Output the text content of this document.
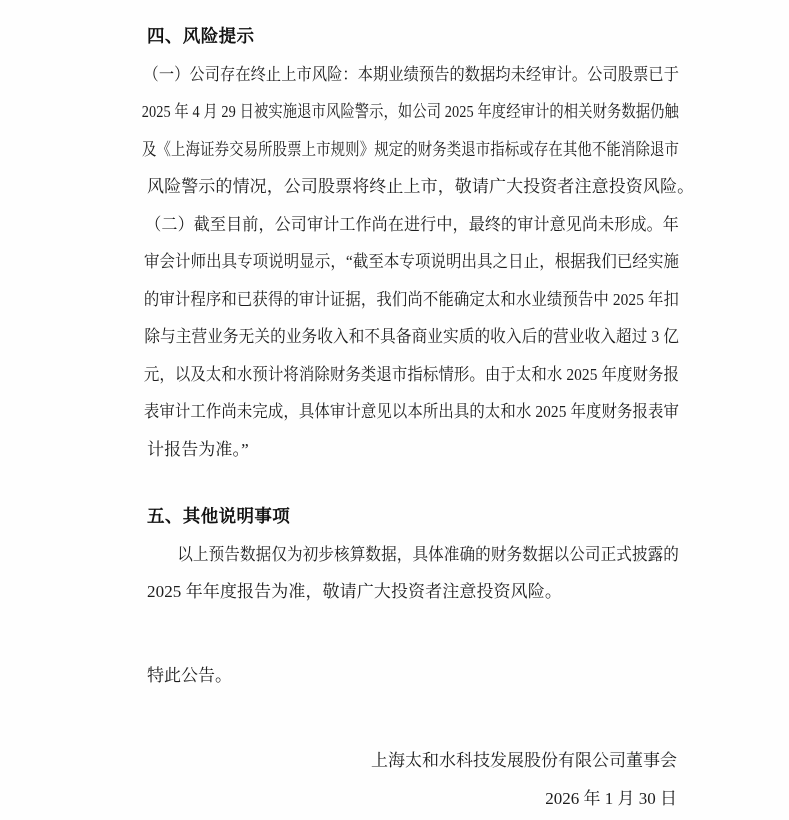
四、风险提示
（一）公司存在终止上市风险：本期业绩预告的数据均未经审计。公司股票已于
2025 年 4 月 29 日被实施退市风险警示，如公司 2025 年度经审计的相关财务数据仍触
及《上海证券交易所股票上市规则》规定的财务类退市指标或存在其他不能消除退市
风险警示的情况，公司股票将终止上市，敬请广大投资者注意投资风险。
（二）截至目前，公司审计工作尚在进行中，最终的审计意见尚未形成。年
审会计师出具专项说明显示，“截至本专项说明出具之日止，根据我们已经实施
的审计程序和已获得的审计证据，我们尚不能确定太和水业绩预告中 2025 年扣
除与主营业务无关的业务收入和不具备商业实质的收入后的营业收入超过 3 亿
元，以及太和水预计将消除财务类退市指标情形。由于太和水 2025 年度财务报
表审计工作尚未完成，具体审计意见以本所出具的太和水 2025 年度财务报表审
计报告为准。”
五、其他说明事项
以上预告数据仅为初步核算数据，具体准确的财务数据以公司正式披露的
2025 年年度报告为准，敬请广大投资者注意投资风险。
特此公告。
上海太和水科技发展股份有限公司董事会
2026 年 1 月 30 日
